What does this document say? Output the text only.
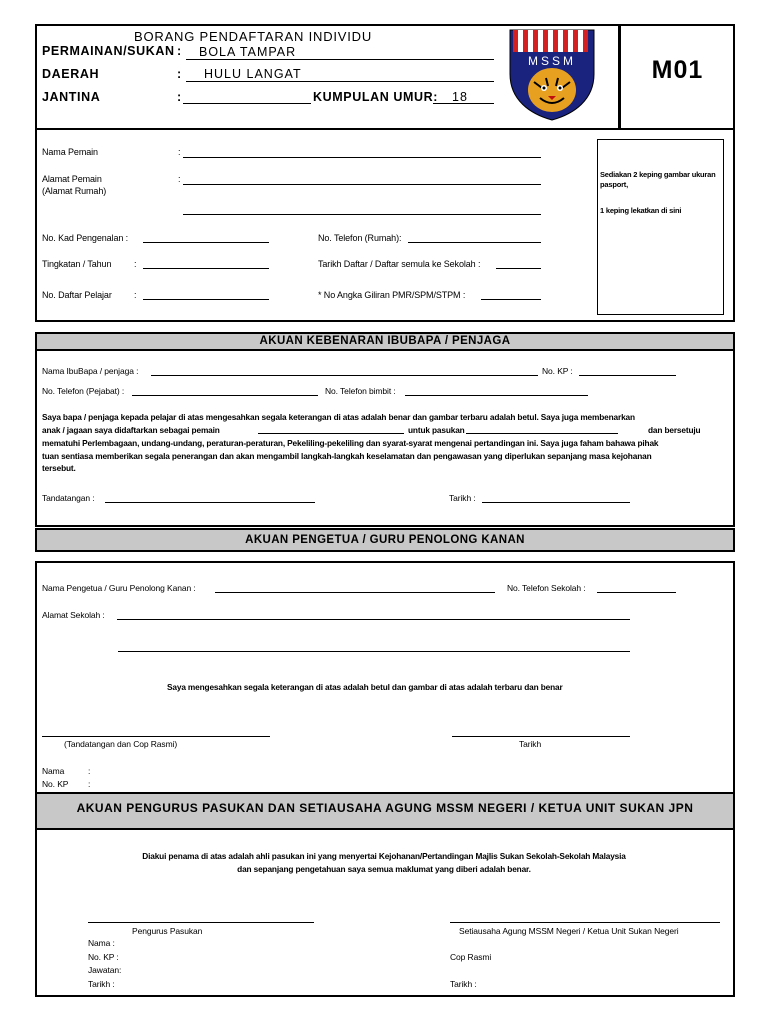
BORANG PENDAFTARAN INDIVIDU
PERMAINAN/SUKAN : BOLA TAMPAR
DAERAH	: HULU LANGAT
JANTINA	:	KUMPULAN UMUR: 18
MSSM	M01
Nama Pemain	:
Alamat Pemain
(Alamat Rumah)
:
No. Kad Pengenalan :	No. Telefon (Rumah):
Tingkatan / Tahun	:	Tarikh Daftar / Daftar semula ke Sekolah :
No. Daftar Pelajar :	* No Angka Giliran PMR/SPM/STPM :
Sediakan 2 keping gambar ukuran pasport,
1 keping lekatkan di sini
AKUAN KEBENARAN IBUBAPA / PENJAGA
Nama IbuBapa / penjaga :	No. KP :
No. Telefon (Pejabat) :	No. Telefon bimbit :
Saya bapa / penjaga kepada pelajar di atas mengesahkan segala keterangan di atas adalah benar dan gambar terbaru adalah betul. Saya juga membenarkan
anak / jagaan saya didaftarkan sebagai pemain	untuk pasukan	dan bersetuju
mematuhi Perlembagaan, undang-undang, peraturan-peraturan, Pekeliling-pekeliling dan syarat-syarat mengenai pertandingan ini. Saya juga faham bahawa pihak
tuan sentiasa memberikan segala penerangan dan akan mengambil langkah-langkah keselamatan dan pengawasan yang diperlukan sepanjang masa kejohanan
tersebut.
Tandatangan :	Tarikh :
AKUAN PENGETUA / GURU PENOLONG KANAN
Nama Pengetua / Guru Penolong Kanan :	No. Telefon Sekolah :
Alamat Sekolah :
Saya mengesahkan segala keterangan di atas adalah betul dan gambar di atas adalah terbaru dan benar
(Tandatangan dan Cop Rasmi)	Tarikh
Nama	:
No. KP :
AKUAN PENGURUS PASUKAN DAN SETIAUSAHA AGUNG MSSM NEGERI / KETUA UNIT SUKAN JPN
Diakui penama di atas adalah ahli pasukan ini yang menyertai Kejohanan/Pertandingan Majlis Sukan Sekolah-Sekolah Malaysia
dan sepanjang pengetahuan saya semua maklumat yang diberi adalah benar.
Pengurus Pasukan	Setiausaha Agung MSSM Negeri / Ketua Unit Sukan Negeri
Nama :
No. KP :
Jawatan:
Tarikh :
Cop Rasmi
Tarikh :
